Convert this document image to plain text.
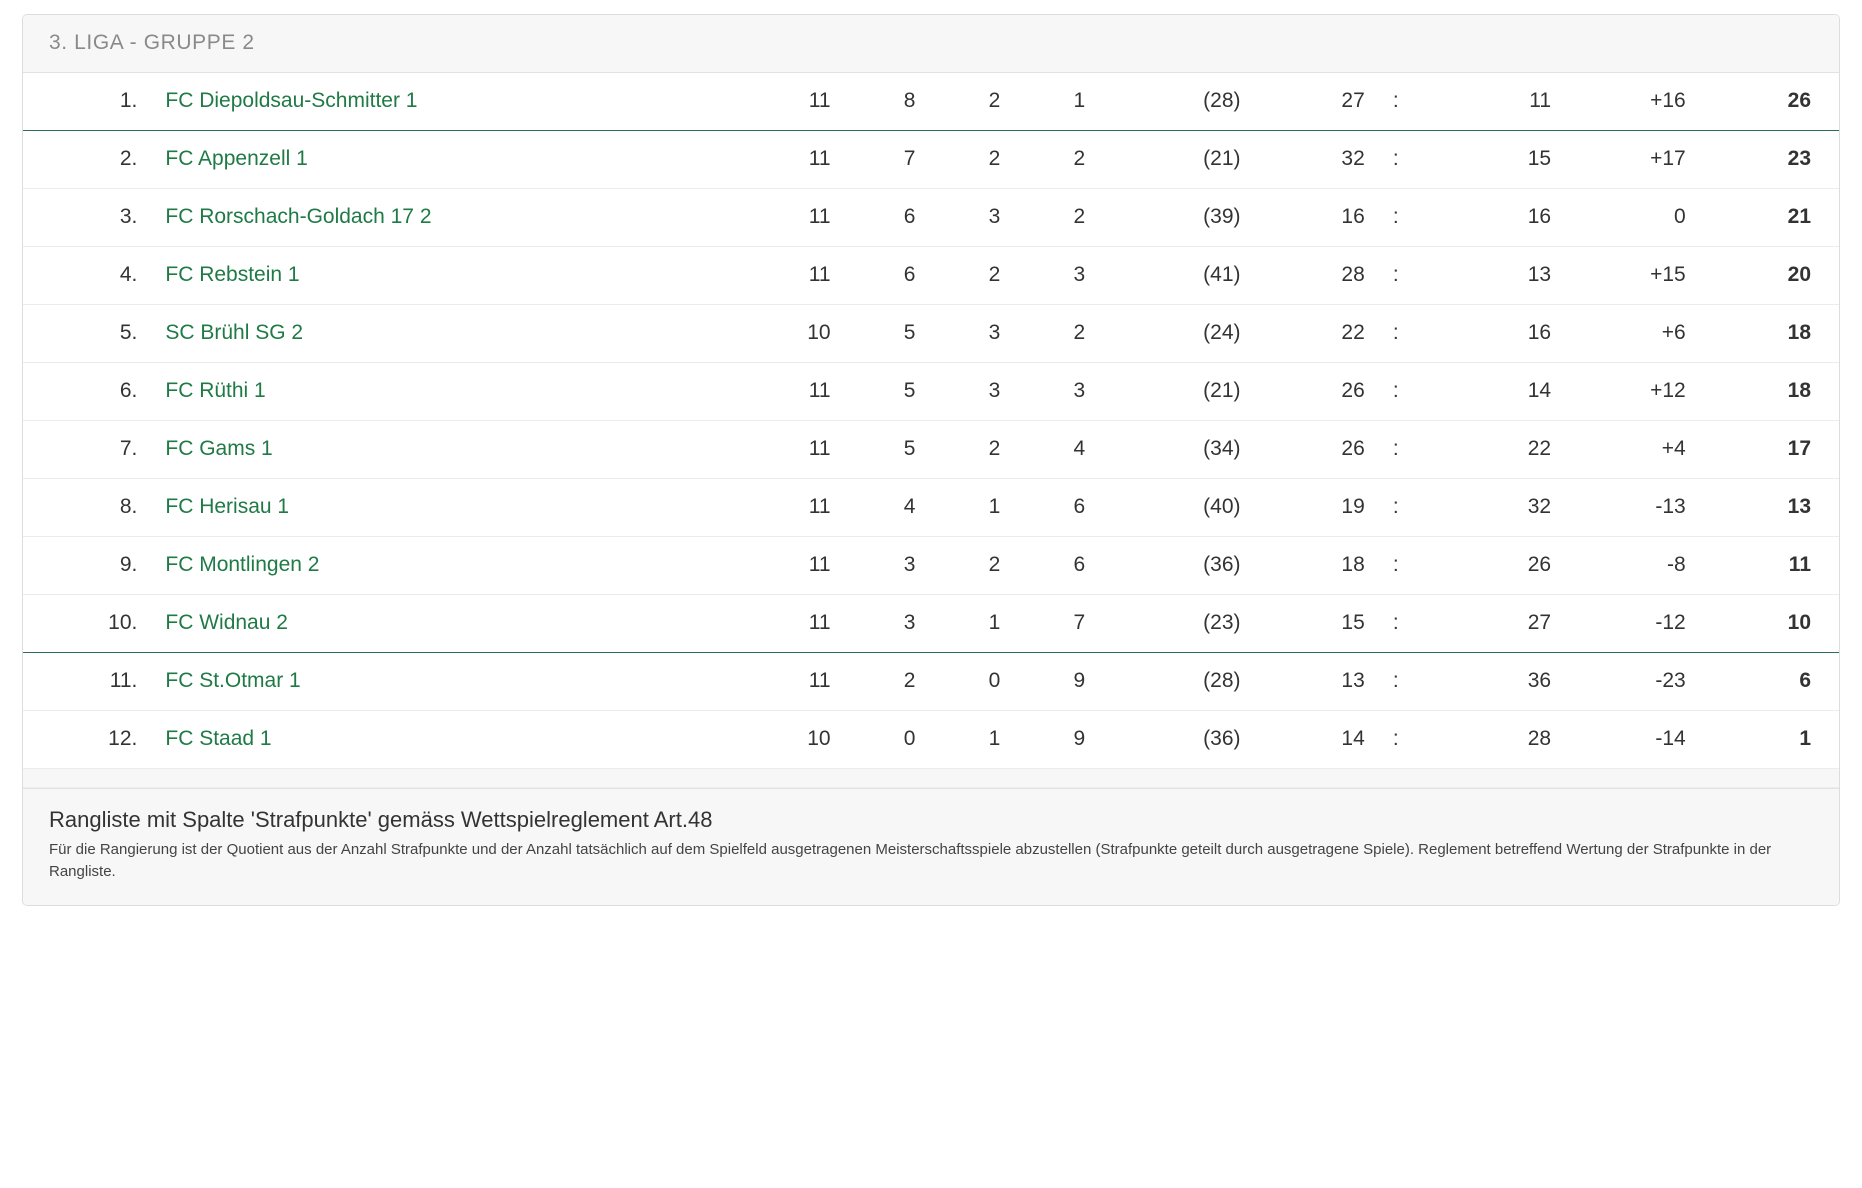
3. LIGA - GRUPPE 2
1.	FC Diepoldsau-Schmitter 1	11	8	2	1	(28)	27	:	11	+16	26
2.	FC Appenzell 1	11	7	2	2	(21)	32	:	15	+17	23
3.	FC Rorschach-Goldach 17 2	11	6	3	2	(39)	16	:	16	0	21
4.	FC Rebstein 1	11	6	2	3	(41)	28	:	13	+15	20
5.	SC Brühl SG 2	10	5	3	2	(24)	22	:	16	+6	18
6.	FC Rüthi 1	11	5	3	3	(21)	26	:	14	+12	18
7.	FC Gams 1	11	5	2	4	(34)	26	:	22	+4	17
8.	FC Herisau 1	11	4	1	6	(40)	19	:	32	-13	13
9.	FC Montlingen 2	11	3	2	6	(36)	18	:	26	-8	11
10.	FC Widnau 2	11	3	1	7	(23)	15	:	27	-12	10
11.	FC St.Otmar 1	11	2	0	9	(28)	13	:	36	-23	6
12.	FC Staad 1	10	0	1	9	(36)	14	:	28	-14	1

Rangliste mit Spalte 'Strafpunkte' gemäss Wettspielreglement Art.48
Für die Rangierung ist der Quotient aus der Anzahl Strafpunkte und der Anzahl tatsächlich auf dem Spielfeld ausgetragenen Meisterschaftsspiele abzustellen (Strafpunkte geteilt durch ausgetragene Spiele). Reglement betreffend Wertung der Strafpunkte in der Rangliste.
